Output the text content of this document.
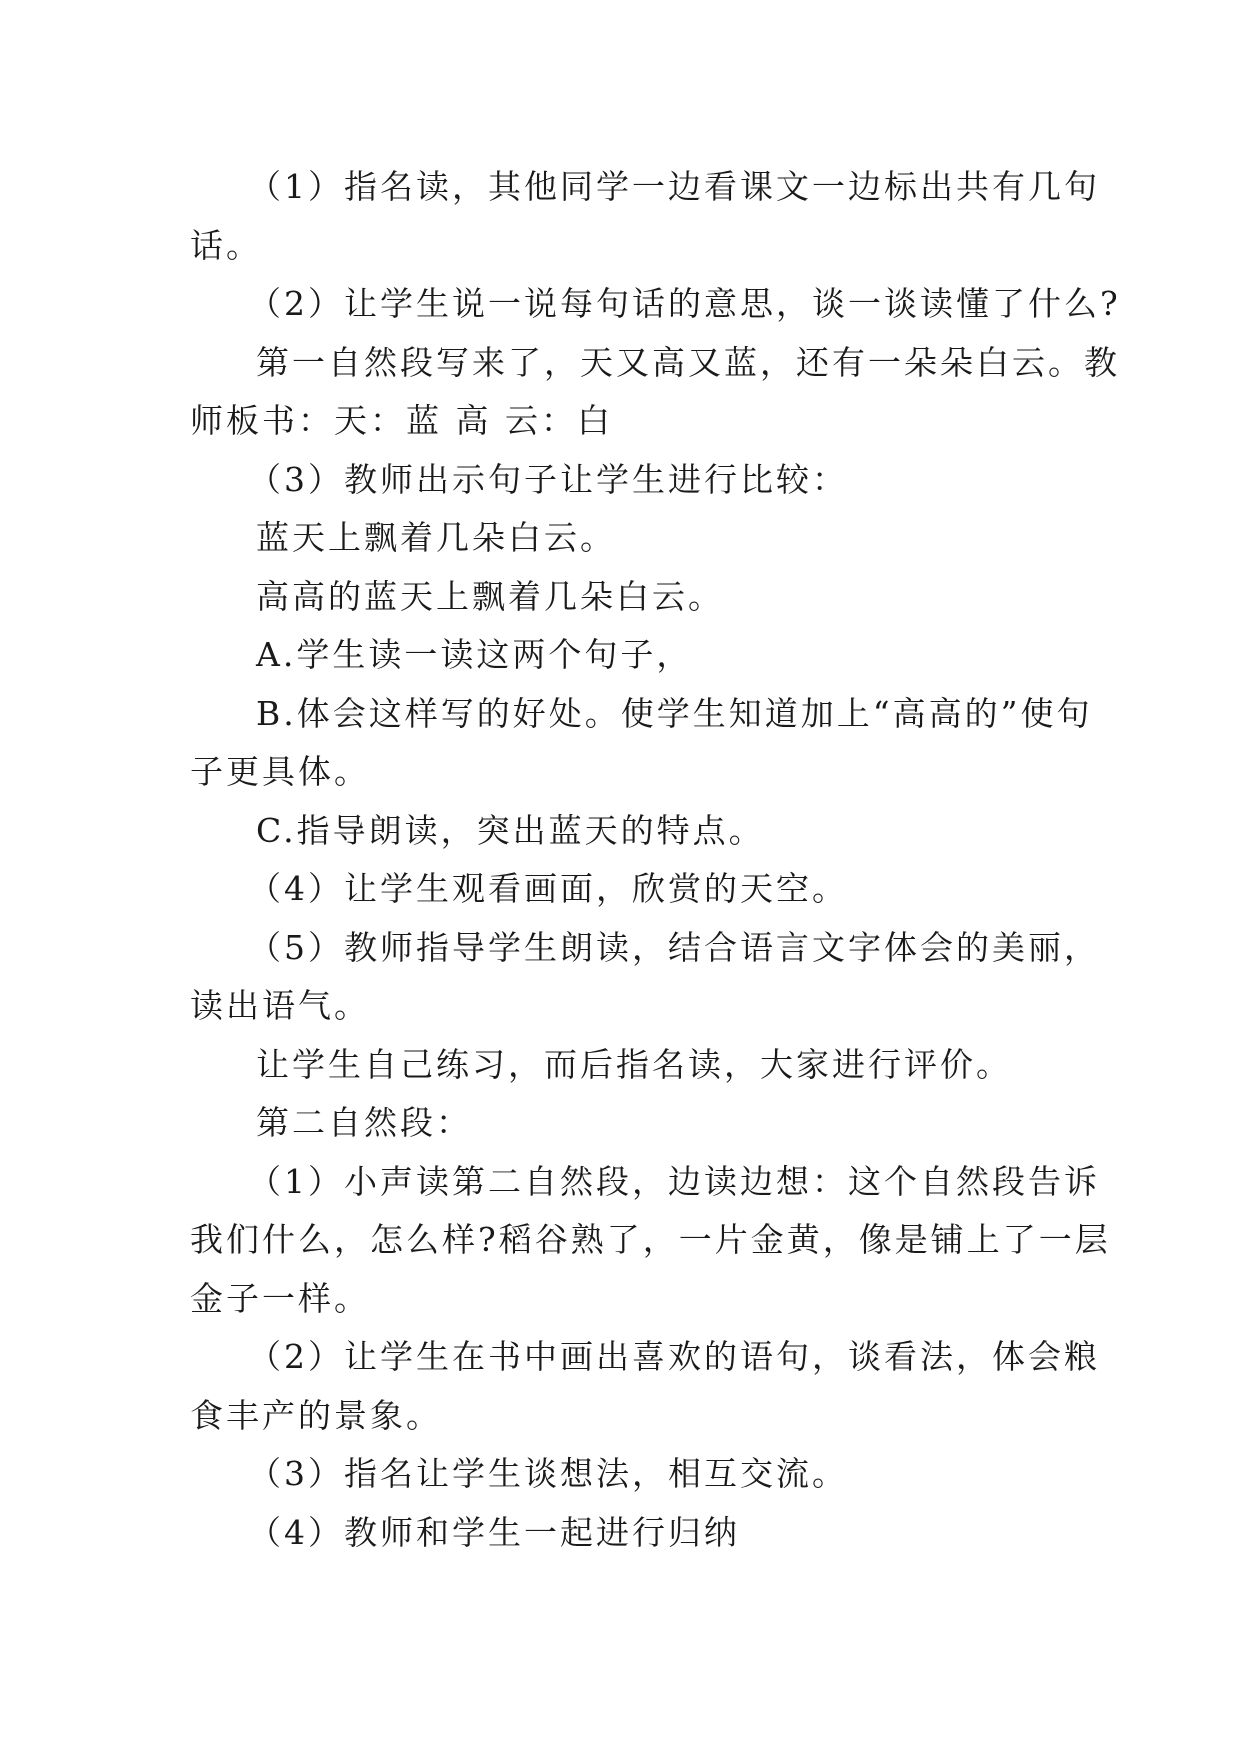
（1）指名读，其他同学一边看课文一边标出共有几句
话。
（2）让学生说一说每句话的意思，谈一谈读懂了什么?
第一自然段写来了，天又高又蓝，还有一朵朵白云。教
师板书：天：蓝 高 云：白
（3）教师出示句子让学生进行比较：
蓝天上飘着几朵白云。
高高的蓝天上飘着几朵白云。
A.学生读一读这两个句子，
B.体会这样写的好处。使学生知道加上“高高的”使句
子更具体。
C.指导朗读，突出蓝天的特点。
（4）让学生观看画面，欣赏的天空。
（5）教师指导学生朗读，结合语言文字体会的美丽，
读出语气。
让学生自己练习，而后指名读，大家进行评价。
第二自然段：
（1）小声读第二自然段，边读边想：这个自然段告诉
我们什么，怎么样?稻谷熟了，一片金黄，像是铺上了一层
金子一样。
（2）让学生在书中画出喜欢的语句，谈看法，体会粮
食丰产的景象。
（3）指名让学生谈想法，相互交流。
（4）教师和学生一起进行归纳
